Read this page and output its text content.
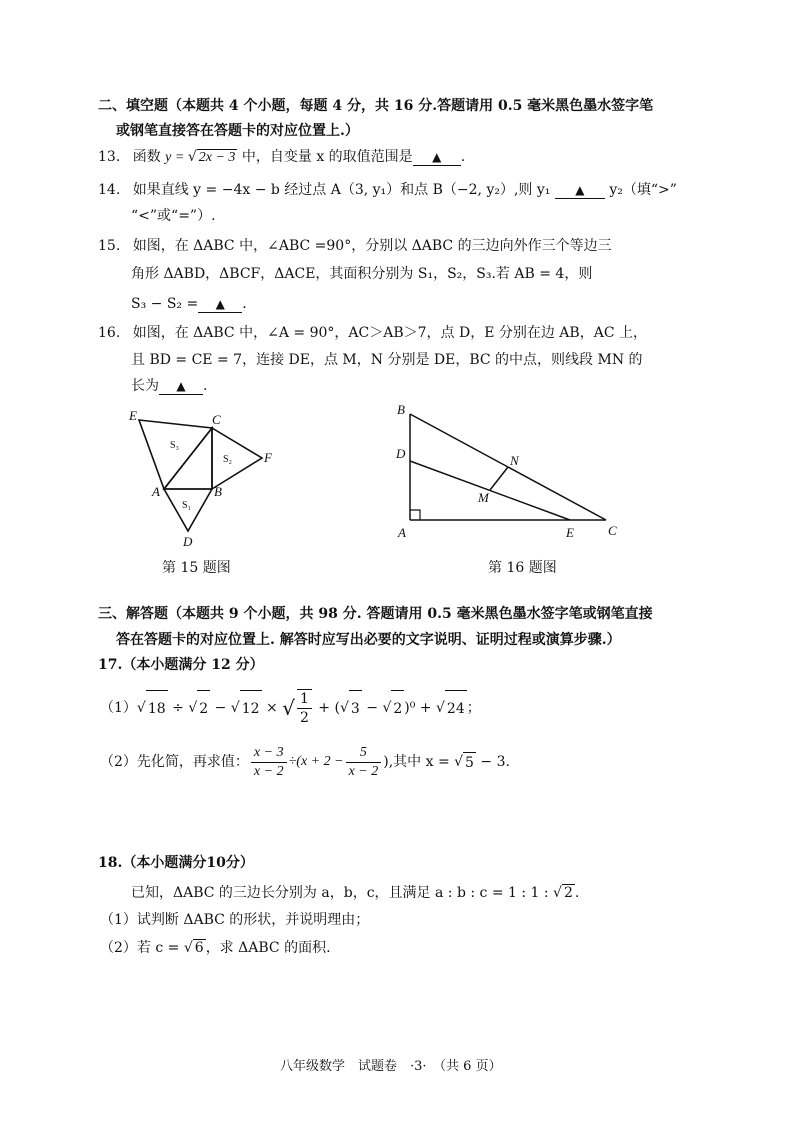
二、填空题（本题共 4 个小题，每题 4 分，共 16 分.答题请用 0.5 毫米黑色墨水签字笔
或钢笔直接答在答题卡的对应位置上.）
13. 函数 y = √ 2x − 3 中，自变量 x 的取值范围是 ▲ .
14. 如果直线 y = −4x − b 经过点 A（3, y₁）和点 B（−2, y₂）,则 y₁ ▲ y₂（填“>”
“<”或“=”）.
15. 如图，在 ΔABC 中，∠ABC =90°，分别以 ΔABC 的三边向外作三个等边三
角形 ΔABD，ΔBCF，ΔACE，其面积分别为 S₁，S₂，S₃.若 AB = 4，则
S₃ − S₂ = ▲ .
16. 如图，在 ΔABC 中，∠A = 90°，AC＞AB＞7，点 D，E 分别在边 AB，AC 上，
且 BD = CE = 7，连接 DE，点 M，N 分别是 DE，BC 的中点，则线段 MN 的
长为 ▲ .
E	C
F
A	B
D
S₃
S₂
S₁
第 15 题图
B
D	N
M
A	E	C
第 16 题图
三、解答题（本题共 9 个小题，共 98 分. 答题请用 0.5 毫米黑色墨水签字笔或钢笔直接
答在答题卡的对应位置上. 解答时应写出必要的文字说明、证明过程或演算步骤.）
17.（本小题满分 12 分）
（1） √ 18 ÷ √ 2 − √ 12 × √ $\frac{1}{2}$ + ( √ 3 − √ 2 )⁰ + √ 24 ；
（2）先化简，再求值： $\frac{x - 3}{x - 2} \div(x + 2 - \frac{5}{x - 2}$ ),其中 x = √ 5 − 3.
18.（本小题满分10分）
已知，ΔABC 的三边长分别为 a，b，c，且满足 a : b : c = 1 : 1 : √ 2 .
（1）试判断 ΔABC 的形状，并说明理由；
（2）若 c = √ 6 ，求 ΔABC 的面积.
八年级数学　试题卷　·3·　（共 6 页）
